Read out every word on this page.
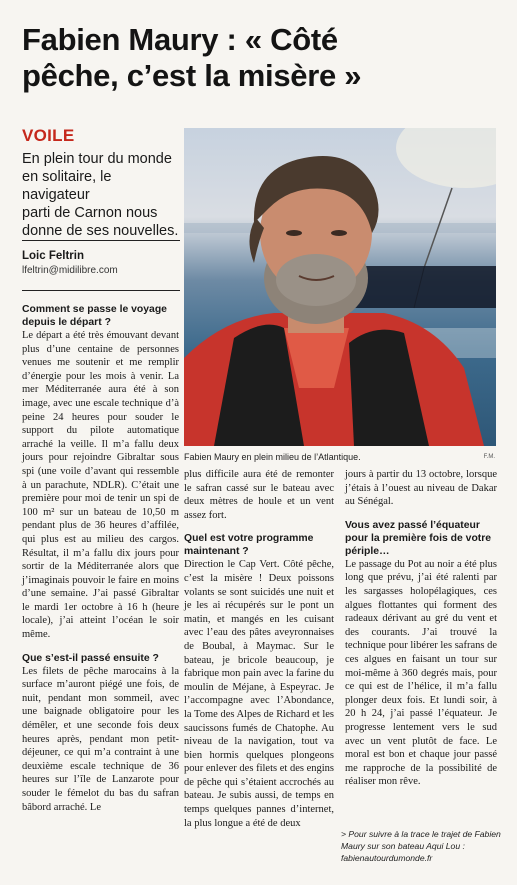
Fabien Maury : « Côté
pêche, c’est la misère »
VOILE
En plein tour du monde
en solitaire, le navigateur
parti de Carnon nous
donne de ses nouvelles.
Loic Feltrin
lfeltrin@midilibre.com
Fabien Maury en plein milieu de l’Atlantique.	F.M.

Comment se passe le voyage depuis le départ ?

Le départ a été très émouvant devant plus d’une centaine de personnes venues me soutenir et me remplir d’énergie pour les mois à venir. La mer Méditerranée aura été à son image, avec une escale technique d’à peine 24 heures pour souder le support du pilote automatique arraché la veille. Il m’a fallu deux jours pour rejoindre Gibraltar sous spi (une voile d’avant qui ressemble à un parachute, NDLR). C’était une première pour moi de tenir un spi de 100 m² sur un bateau de 10,50 m pendant plus de 36 heures d’affilée, qui plus est au milieu des cargos. Résultat, il m’a fallu dix jours pour sortir de la Méditerranée alors que j’imaginais pouvoir le faire en moins d’une semaine. J’ai passé Gibraltar le mardi 1er octobre à 16 h (heure locale), j’ai atteint l’océan le soir même.

Que s’est-il passé ensuite ?

Les filets de pêche marocains à la surface m’auront piégé une fois, de nuit, pendant mon sommeil, avec une baignade obligatoire pour les démêler, et une seconde fois deux heures après, pendant mon petit-déjeuner, ce qui m’a contraint à une deuxième escale technique de 36 heures sur l’île de Lanzarote pour souder le fémelot du bas du safran bâbord arraché. Le

plus difficile aura été de remonter le safran cassé sur le bateau avec deux mètres de houle et un vent assez fort.

Quel est votre programme maintenant ?

Direction le Cap Vert. Côté pêche, c’est la misère ! Deux poissons volants se sont suicidés une nuit et je les ai récupérés sur le pont un matin, et mangés en les cuisant avec l’eau des pâtes aveyronnaises de Boubal, à Maymac. Sur le bateau, je bricole beaucoup, je fabrique mon pain avec la farine du moulin de Méjane, à Espeyrac. Je l’accompagne avec l’Abondance, la Tome des Alpes de Richard et les saucissons fumés de Chatophe. Au niveau de la navigation, tout va bien hormis quelques plongeons pour enlever des filets et des engins de pêche qui s’étaient accrochés au bateau. Je subis aussi, de temps en temps quelques pannes d’internet, la plus longue a été de deux

jours à partir du 13 octobre, lorsque j’étais à l’ouest au niveau de Dakar au Sénégal.

Vous avez passé l’équateur pour la première fois de votre périple…

Le passage du Pot au noir a été plus long que prévu, j’ai été ralenti par les sargasses holopélagiques, ces algues flottantes qui forment des radeaux dérivant au gré du vent et des courants. J’ai trouvé la technique pour libérer les safrans de ces algues en faisant un tour sur moi-même à 360 degrés mais, pour ce qui est de l’hélice, il m’a fallu plonger deux fois. Et lundi soir, à 20 h 24, j’ai passé l’équateur. Je progresse lentement vers le sud avec un vent plutôt de face. Le moral est bon et chaque jour passé me rapproche de la possibilité de réaliser mon rêve.

> Pour suivre à la trace le trajet de Fabien Maury sur son bateau Aqui Lou : fabienautourdumonde.fr
